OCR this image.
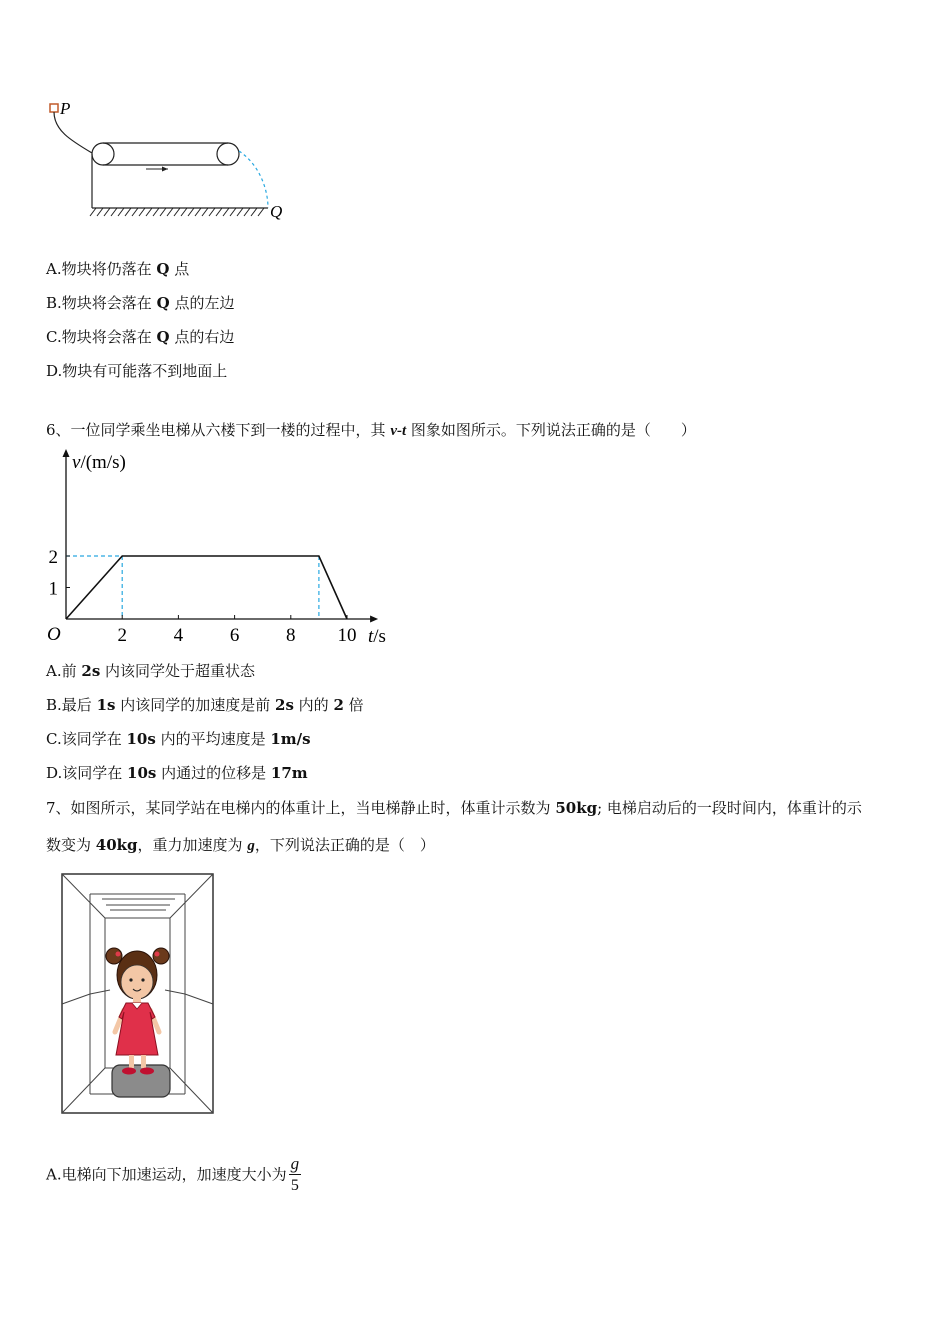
P
Q
A.物块将仍落在 Q 点
B.物块将会落在 Q 点的左边
C.物块将会落在 Q 点的右边
D.物块有可能落不到地面上
6、一位同学乘坐电梯从六楼下到一楼的过程中，其 v-t 图象如图所示。下列说法正确的是（　　）
2 4 6 8 10
1
2
v/(m/s)
t/s
O
A.前 2s 内该同学处于超重状态
B.最后 1s 内该同学的加速度是前 2s 内的 2 倍
C.该同学在 10s 内的平均速度是 1m/s
D.该同学在 10s 内通过的位移是 17m
7、如图所示，某同学站在电梯内的体重计上，当电梯静止时，体重计示数为 50kg; 电梯启动后的一段时间内，体重计的示
数变为 40kg，重力加速度为 g，下列说法正确的是（　）
A.电梯向下加速运动，加速度大小为 $\frac{g}{5}$
